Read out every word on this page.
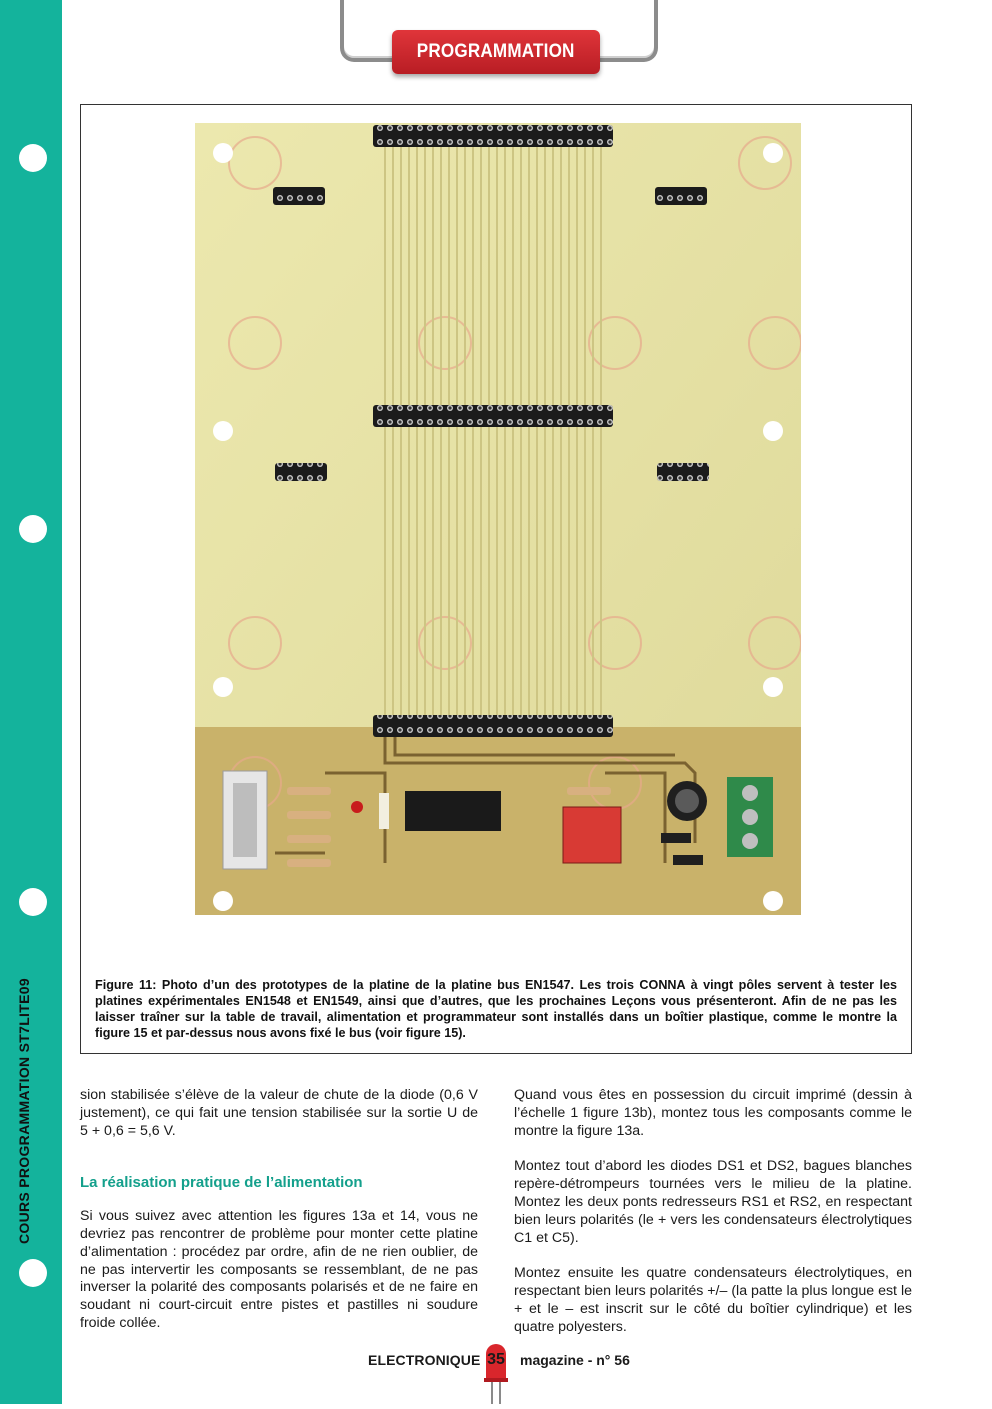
COURS PROGRAMMATION ST7LITE09
PROGRAMMATION
Figure 11: Photo d’un des prototypes de la platine de la platine bus EN1547. Les trois CONNA à vingt pôles servent à tester les platines expérimentales EN1548 et EN1549, ainsi que d’autres, que les prochaines Leçons vous présenteront. Afin de ne pas les laisser traîner sur la table de travail, alimentation et programmateur sont installés dans un boîtier plastique, comme le montre la figure 15 et par-dessus nous avons fixé le bus (voir figure 15).

sion stabilisée s’élève de la valeur de chute de la diode (0,6 V justement), ce qui fait une tension stabilisée sur la sortie U de 5 + 0,6 = 5,6 V.

La réalisation pratique de l’alimentation

Si vous suivez avec attention les figures 13a et 14, vous ne devriez pas rencontrer de problème pour monter cette platine d’alimentation : procédez par ordre, afin de ne rien oublier, de ne pas intervertir les composants se ressemblant, de ne pas inverser la polarité des composants polarisés et de ne faire en soudant ni court-circuit entre pistes et pastilles ni soudure froide collée.

Quand vous êtes en possession du circuit imprimé (dessin à l’échelle 1 figure 13b), montez tous les composants comme le montre la figure 13a.

Montez tout d’abord les diodes DS1 et DS2, bagues blanches repère-détrompeurs tournées vers le milieu de la platine. Montez les deux ponts redresseurs RS1 et RS2, en respectant bien leurs polarités (le + vers les condensateurs électrolytiques C1 et C5).

Montez ensuite les quatre condensateurs électrolytiques, en respectant bien leurs polarités +/– (la patte la plus longue est le + et le – est inscrit sur le côté du boîtier cylindrique) et les quatre polyesters.

ELECTRONIQUE 35	magazine - n° 56
